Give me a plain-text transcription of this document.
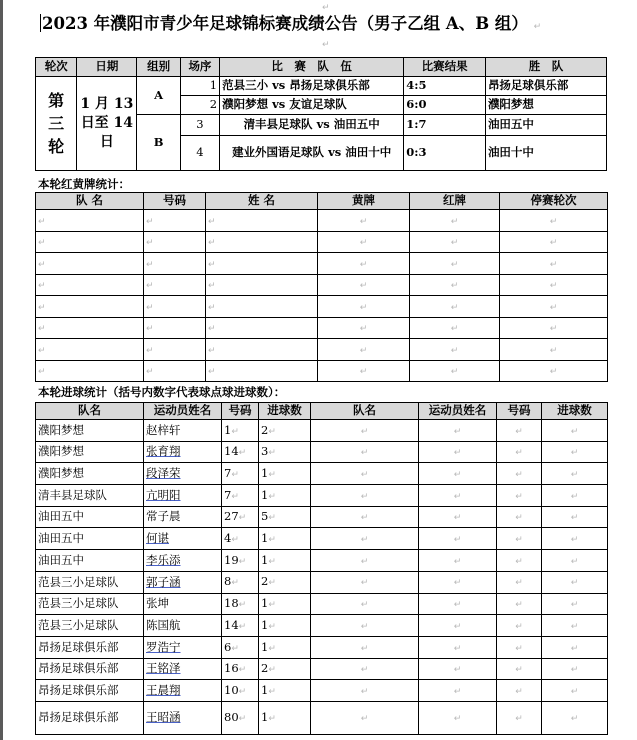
↵
2023 年濮阳市青少年足球锦标赛成绩公告（男子乙组 A、B 组） ↵
↵
轮次	日期	组别	场序	比　赛　队　伍	比赛结果	胜　队
第三轮	1 月 13 日至 14 日	A	1	范县三小 vs 昂扬足球俱乐部	4:5	昂扬足球俱乐部
			2	濮阳梦想 vs 友谊足球队	6:0	濮阳梦想
		B	3	清丰县足球队 vs 油田五中	1:7	油田五中
			4	建业外国语足球队 vs 油田十中	0:3	油田十中
本轮红黄牌统计：
队 名	号码	姓 名	黄牌	红牌	停赛轮次
↵	↵	↵	↵	↵	↵
↵	↵	↵	↵	↵	↵
↵	↵	↵	↵	↵	↵
↵	↵	↵	↵	↵	↵
↵	↵	↵	↵	↵	↵
↵	↵	↵	↵	↵	↵
↵	↵	↵	↵	↵	↵
↵	↵	↵	↵	↵	↵
本轮进球统计（括号内数字代表球点球进球数）：
队名	运动员姓名	号码	进球数	队名	运动员姓名	号码	进球数
濮阳梦想	赵梓轩	1↵	2↵	↵	↵	↵	↵
濮阳梦想	张育翔	14↵	3↵	↵	↵	↵	↵
濮阳梦想	段泽荣	7↵	1↵	↵	↵	↵	↵
清丰县足球队	亢明阳	7↵	1↵	↵	↵	↵	↵
油田五中	常子晨	27↵	5↵	↵	↵	↵	↵
油田五中	何谌	4↵	1↵	↵	↵	↵	↵
油田五中	李乐添	19↵	1↵	↵	↵	↵	↵
范县三小足球队	郭子涵	8↵	2↵	↵	↵	↵	↵
范县三小足球队	张坤	18↵	1↵	↵	↵	↵	↵
范县三小足球队	陈国航	14↵	1↵	↵	↵	↵	↵
昂扬足球俱乐部	罗浩宁	6↵	1↵	↵	↵	↵	↵
昂扬足球俱乐部	王铭泽	16↵	2↵	↵	↵	↵	↵
昂扬足球俱乐部	王晨翔	10↵	1↵	↵	↵	↵	↵
昂扬足球俱乐部	王昭涵	80↵	1↵	↵	↵	↵	↵
